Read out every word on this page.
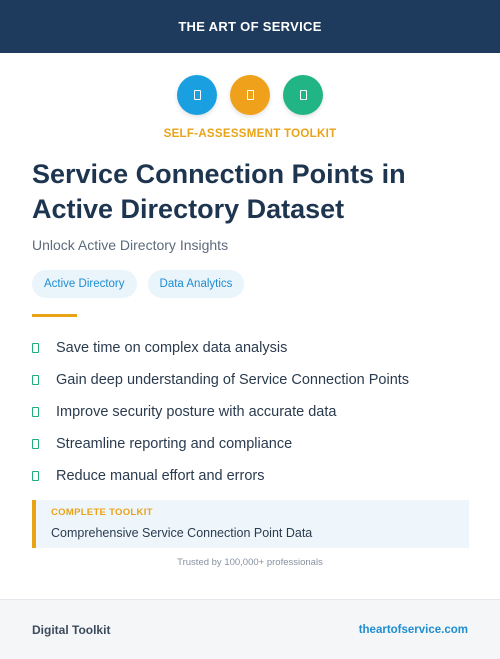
THE ART OF SERVICE
SELF-ASSESSMENT TOOLKIT
Service Connection Points in Active Directory Dataset
Unlock Active Directory Insights
Active Directory	Data Analytics
Save time on complex data analysis
Gain deep understanding of Service Connection Points
Improve security posture with accurate data
Streamline reporting and compliance
Reduce manual effort and errors
COMPLETE TOOLKIT
Comprehensive Service Connection Point Data
Trusted by 100,000+ professionals
Digital Toolkit	theartofservice.com
